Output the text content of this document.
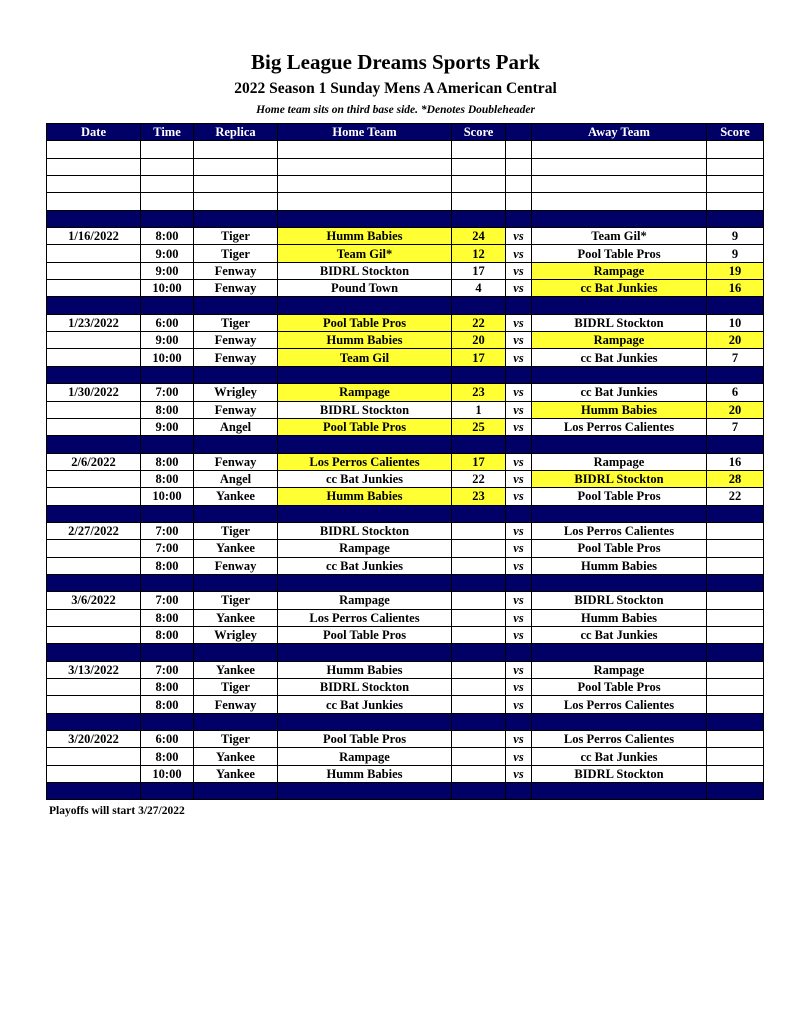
Big League Dreams Sports Park
2022 Season 1 Sunday Mens A American Central
Home team sits on third base side. *Denotes Doubleheader
Date	Time	Replica	Home Team	Score		Away Team	Score

1/16/2022	8:00	Tiger	Humm Babies	24	vs	Team Gil*	9
	9:00	Tiger	Team Gil*	12	vs	Pool Table Pros	9
	9:00	Fenway	BIDRL Stockton	17	vs	Rampage	19
	10:00	Fenway	Pound Town	4	vs	cc Bat Junkies	16

1/23/2022	6:00	Tiger	Pool Table Pros	22	vs	BIDRL Stockton	10
	9:00	Fenway	Humm Babies	20	vs	Rampage	20
	10:00	Fenway	Team Gil	17	vs	cc Bat Junkies	7

1/30/2022	7:00	Wrigley	Rampage	23	vs	cc Bat Junkies	6
	8:00	Fenway	BIDRL Stockton	1	vs	Humm Babies	20
	9:00	Angel	Pool Table Pros	25	vs	Los Perros Calientes	7

2/6/2022	8:00	Fenway	Los Perros Calientes	17	vs	Rampage	16
	8:00	Angel	cc Bat Junkies	22	vs	BIDRL Stockton	28
	10:00	Yankee	Humm Babies	23	vs	Pool Table Pros	22

2/27/2022	7:00	Tiger	BIDRL Stockton		vs	Los Perros Calientes	
	7:00	Yankee	Rampage		vs	Pool Table Pros	
	8:00	Fenway	cc Bat Junkies		vs	Humm Babies	

3/6/2022	7:00	Tiger	Rampage		vs	BIDRL Stockton	
	8:00	Yankee	Los Perros Calientes		vs	Humm Babies	
	8:00	Wrigley	Pool Table Pros		vs	cc Bat Junkies	

3/13/2022	7:00	Yankee	Humm Babies		vs	Rampage	
	8:00	Tiger	BIDRL Stockton		vs	Pool Table Pros	
	8:00	Fenway	cc Bat Junkies		vs	Los Perros Calientes	

3/20/2022	6:00	Tiger	Pool Table Pros		vs	Los Perros Calientes	
	8:00	Yankee	Rampage		vs	cc Bat Junkies	
	10:00	Yankee	Humm Babies		vs	BIDRL Stockton	

Playoffs will start 3/27/2022
